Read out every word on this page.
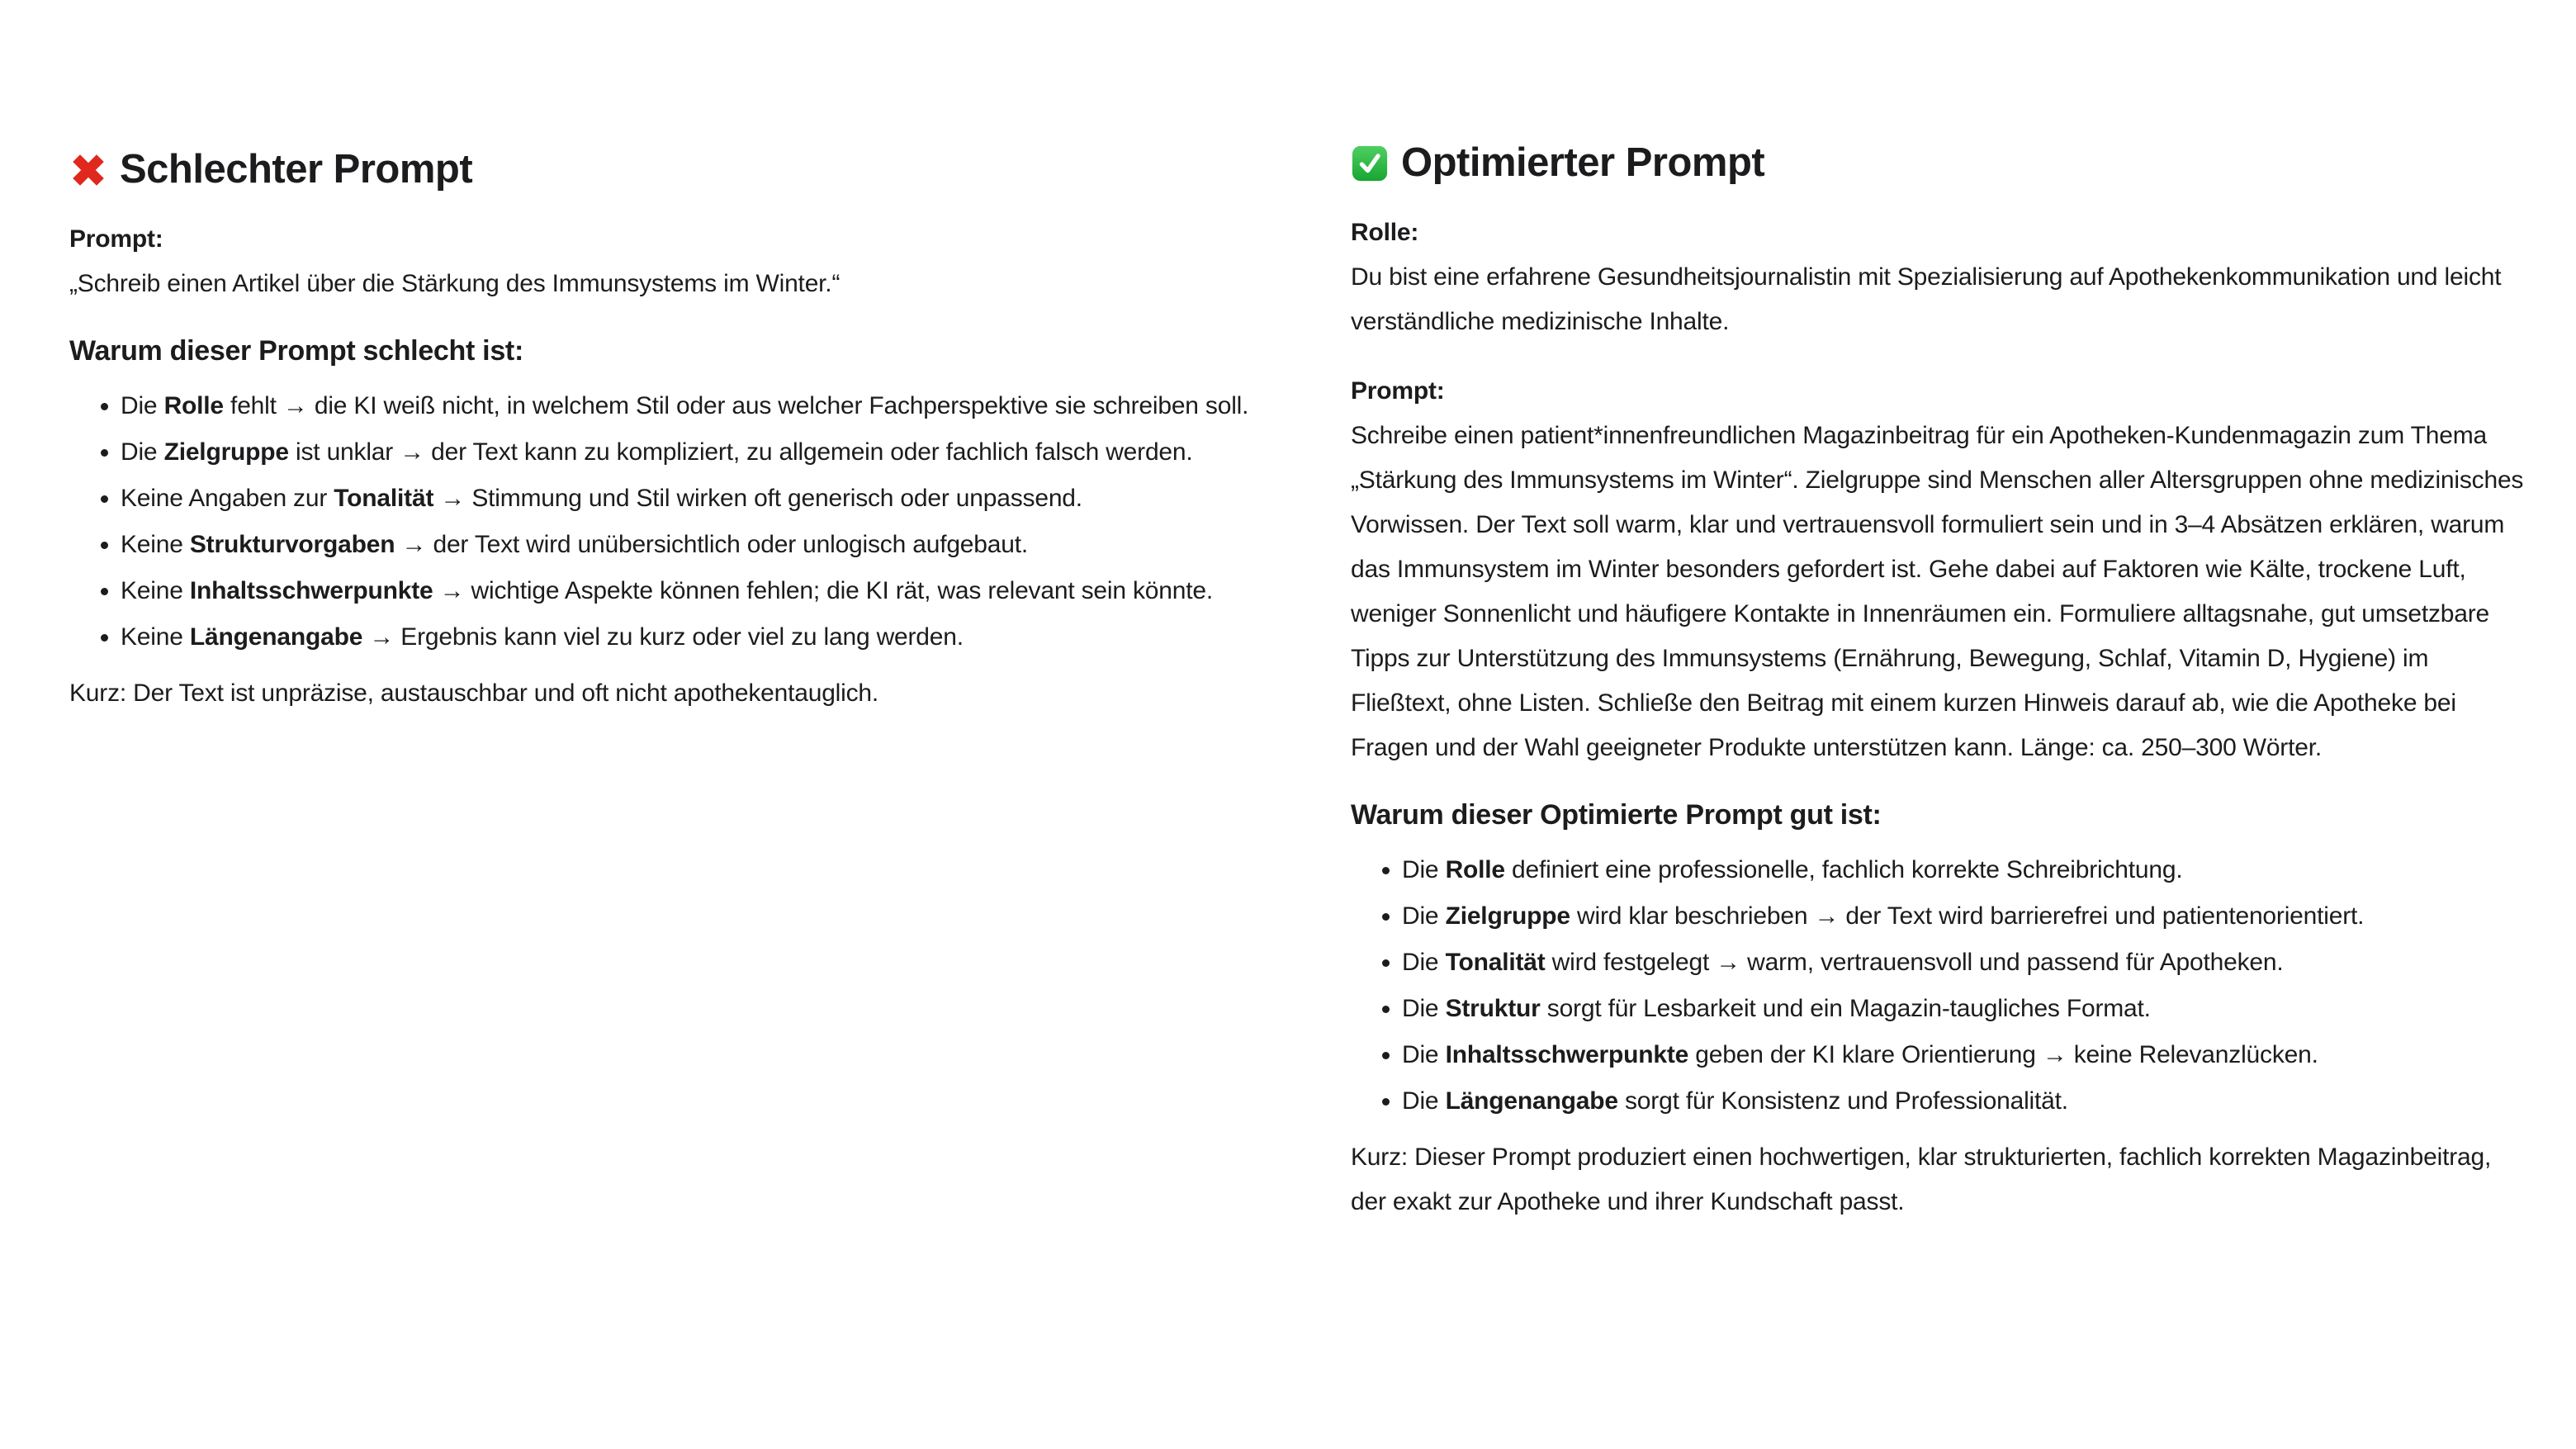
Schlechter Prompt
Prompt:
„Schreib einen Artikel über die Stärkung des Immunsystems im Winter.“
Warum dieser Prompt schlecht ist:
• Die Rolle fehlt → die KI weiß nicht, in welchem Stil oder aus welcher Fachperspektive sie schreiben soll.
• Die Zielgruppe ist unklar → der Text kann zu kompliziert, zu allgemein oder fachlich falsch werden.
• Keine Angaben zur Tonalität → Stimmung und Stil wirken oft generisch oder unpassend.
• Keine Strukturvorgaben → der Text wird unübersichtlich oder unlogisch aufgebaut.
• Keine Inhaltsschwerpunkte → wichtige Aspekte können fehlen; die KI rät, was relevant sein könnte.
• Keine Längenangabe → Ergebnis kann viel zu kurz oder viel zu lang werden.

Kurz: Der Text ist unpräzise, austauschbar und oft nicht apothekentauglich.

Optimierter Prompt
Rolle:
Du bist eine erfahrene Gesundheitsjournalistin mit Spezialisierung auf Apothekenkommunikation und leicht verständliche medizinische Inhalte.
Prompt:
Schreibe einen patient*innenfreundlichen Magazinbeitrag für ein Apotheken-Kundenmagazin zum Thema „Stärkung des Immunsystems im Winter“. Zielgruppe sind Menschen aller Altersgruppen ohne medizinisches Vorwissen. Der Text soll warm, klar und vertrauensvoll formuliert sein und in 3–4 Absätzen erklären, warum das Immunsystem im Winter besonders gefordert ist. Gehe dabei auf Faktoren wie Kälte, trockene Luft, weniger Sonnenlicht und häufigere Kontakte in Innenräumen ein. Formuliere alltagsnahe, gut umsetzbare Tipps zur Unterstützung des Immunsystems (Ernährung, Bewegung, Schlaf, Vitamin D, Hygiene) im Fließtext, ohne Listen. Schließe den Beitrag mit einem kurzen Hinweis darauf ab, wie die Apotheke bei Fragen und der Wahl geeigneter Produkte unterstützen kann. Länge: ca. 250–300 Wörter.
Warum dieser Optimierte Prompt gut ist:
• Die Rolle definiert eine professionelle, fachlich korrekte Schreibrichtung.
• Die Zielgruppe wird klar beschrieben → der Text wird barrierefrei und patientenorientiert.
• Die Tonalität wird festgelegt → warm, vertrauensvoll und passend für Apotheken.
• Die Struktur sorgt für Lesbarkeit und ein Magazin-taugliches Format.
• Die Inhaltsschwerpunkte geben der KI klare Orientierung → keine Relevanzlücken.
• Die Längenangabe sorgt für Konsistenz und Professionalität.

Kurz: Dieser Prompt produziert einen hochwertigen, klar strukturierten, fachlich korrekten Magazinbeitrag, der exakt zur Apotheke und ihrer Kundschaft passt.
